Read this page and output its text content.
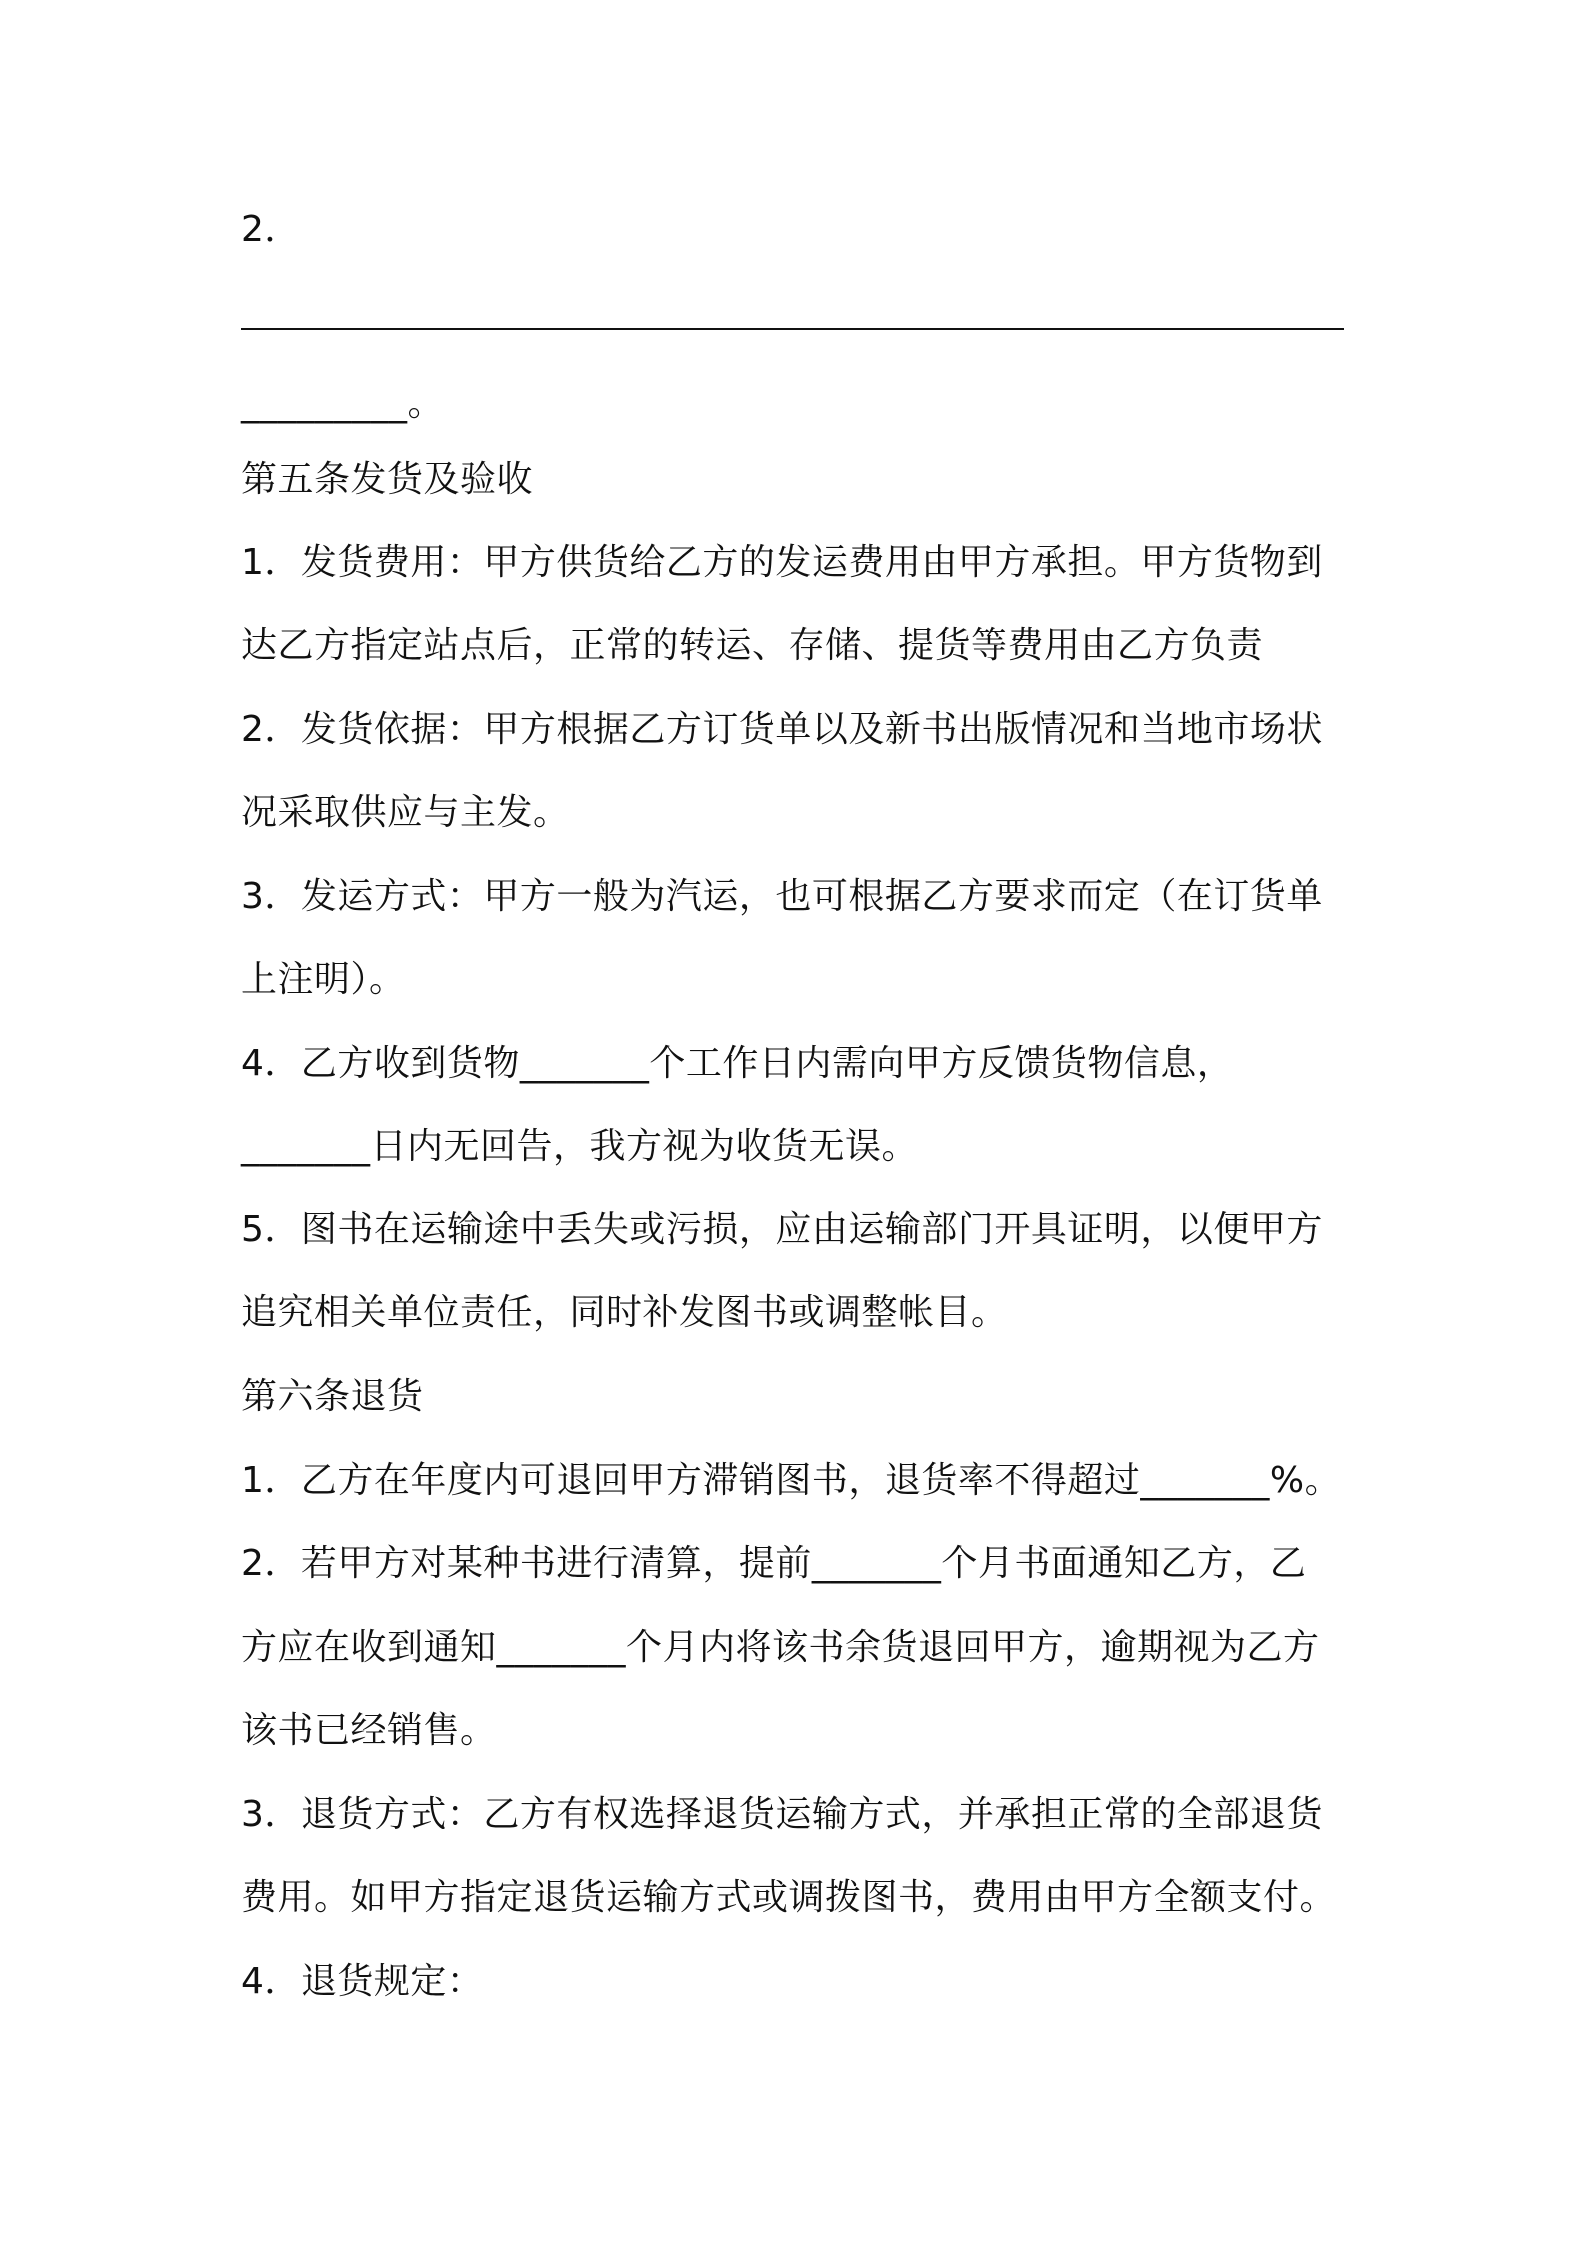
2．
_________。
第五条发货及验收
1．发货费用：甲方供货给乙方的发运费用由甲方承担。甲方货物到
达乙方指定站点后，正常的转运、存储、提货等费用由乙方负责
2．发货依据：甲方根据乙方订货单以及新书出版情况和当地市场状
况采取供应与主发。
3．发运方式：甲方一般为汽运，也可根据乙方要求而定（在订货单
上注明）。
4．乙方收到货物_______个工作日内需向甲方反馈货物信息，
_______日内无回告，我方视为收货无误。
5．图书在运输途中丢失或污损，应由运输部门开具证明，以便甲方
追究相关单位责任，同时补发图书或调整帐目。
第六条退货
1．乙方在年度内可退回甲方滞销图书，退货率不得超过_______%。
2．若甲方对某种书进行清算，提前_______个月书面通知乙方，乙
方应在收到通知_______个月内将该书余货退回甲方，逾期视为乙方
该书已经销售。
3．退货方式：乙方有权选择退货运输方式，并承担正常的全部退货
费用。如甲方指定退货运输方式或调拨图书，费用由甲方全额支付。
4．退货规定：
